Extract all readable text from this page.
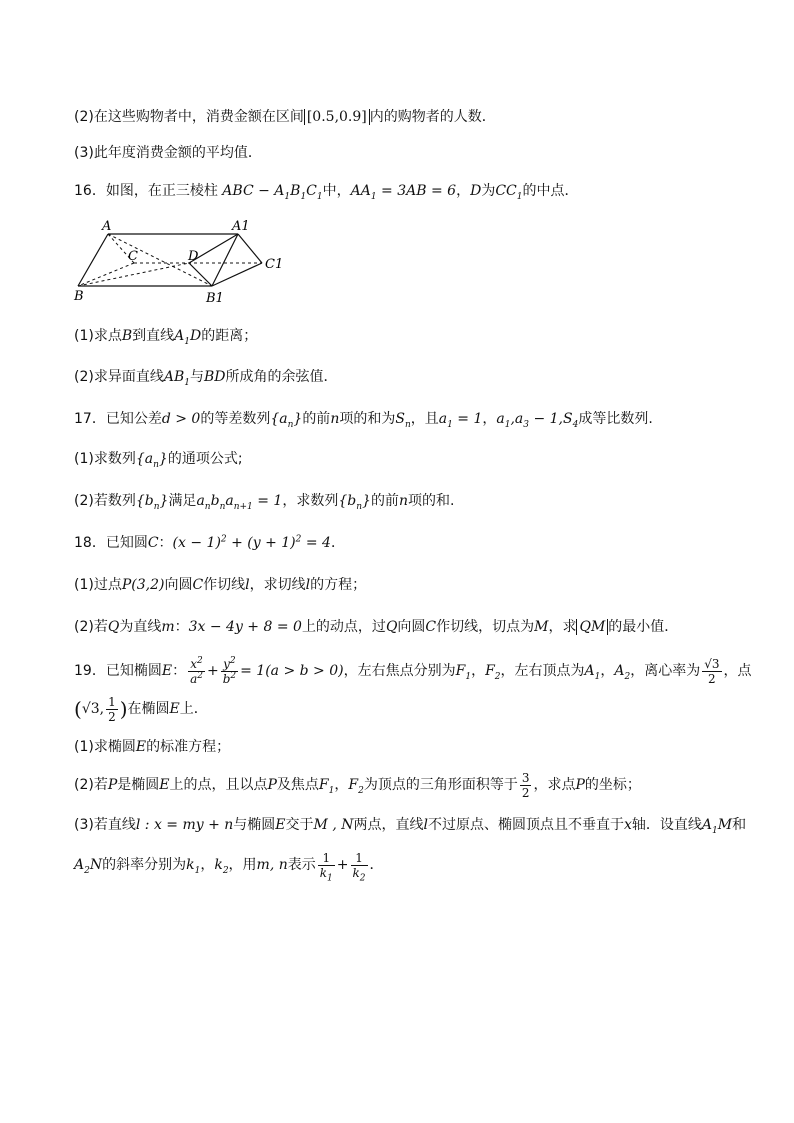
(2)在这些购物者中，消费金额在区间 [0.5,0.9] 内的购物者的人数．
(3)此年度消费金额的平均值．
16．如图，在正三棱柱 ABC − $A_1B_1C_1$中，$AA_1 = 3AB = 6$，D为$CC_1$的中点．
A	A1
C	D
C1
B	B1
(1)求点B到直线$A_1D$的距离；
(2)求异面直线$AB_1$与BD所成角的余弦值．
17．已知公差d > 0的等差数列$\{a_n\}$的前n项的和为$S_n$，且$a_1 = 1$，$a_1,a_3 - 1,S_4$成等比数列.
(1)求数列$\{a_n\}$的通项公式;
(2)若数列$\{b_n\}$满足$a_nb_na_{n+1} = 1$，求数列$\{b_n\}$的前n项的和.
18．已知圆C：$(x - 1)^2 + (y + 1)^2 = 4$．
(1)过点P(3,2)向圆C作切线l，求切线l的方程；
(2)若Q为直线m：3x − 4y + 8 = 0上的动点，过Q向圆C作切线，切点为M，求 QM 的最小值．
19．已知椭圆E： $\frac{x^2}{a^2} + \frac{y^2}{b^2} = 1(a > b > 0)$，左右焦点分别为$F_1$，$F_2$，左右顶点为$A_1$，$A_2$，离心率为 $\frac{√3}{2}$ ，点
(√3, $\frac{1}{2}$ )在椭圆E上．
(1)求椭圆E的标准方程；
(2)若P是椭圆E上的点，且以点P及焦点$F_1$，$F_2$为顶点的三角形面积等于 $\frac{3}{2}$ ，求点P的坐标；
(3)若直线l : x = my + n与椭圆E交于M , N两点，直线l不过原点、椭圆顶点且不垂直于x轴．设直线$A_1M$和
$A_2N$的斜率分别为$k_1$，$k_2$，用m, n表示 $\frac{1}{k_1} + \frac{1}{k_2}$ ．
